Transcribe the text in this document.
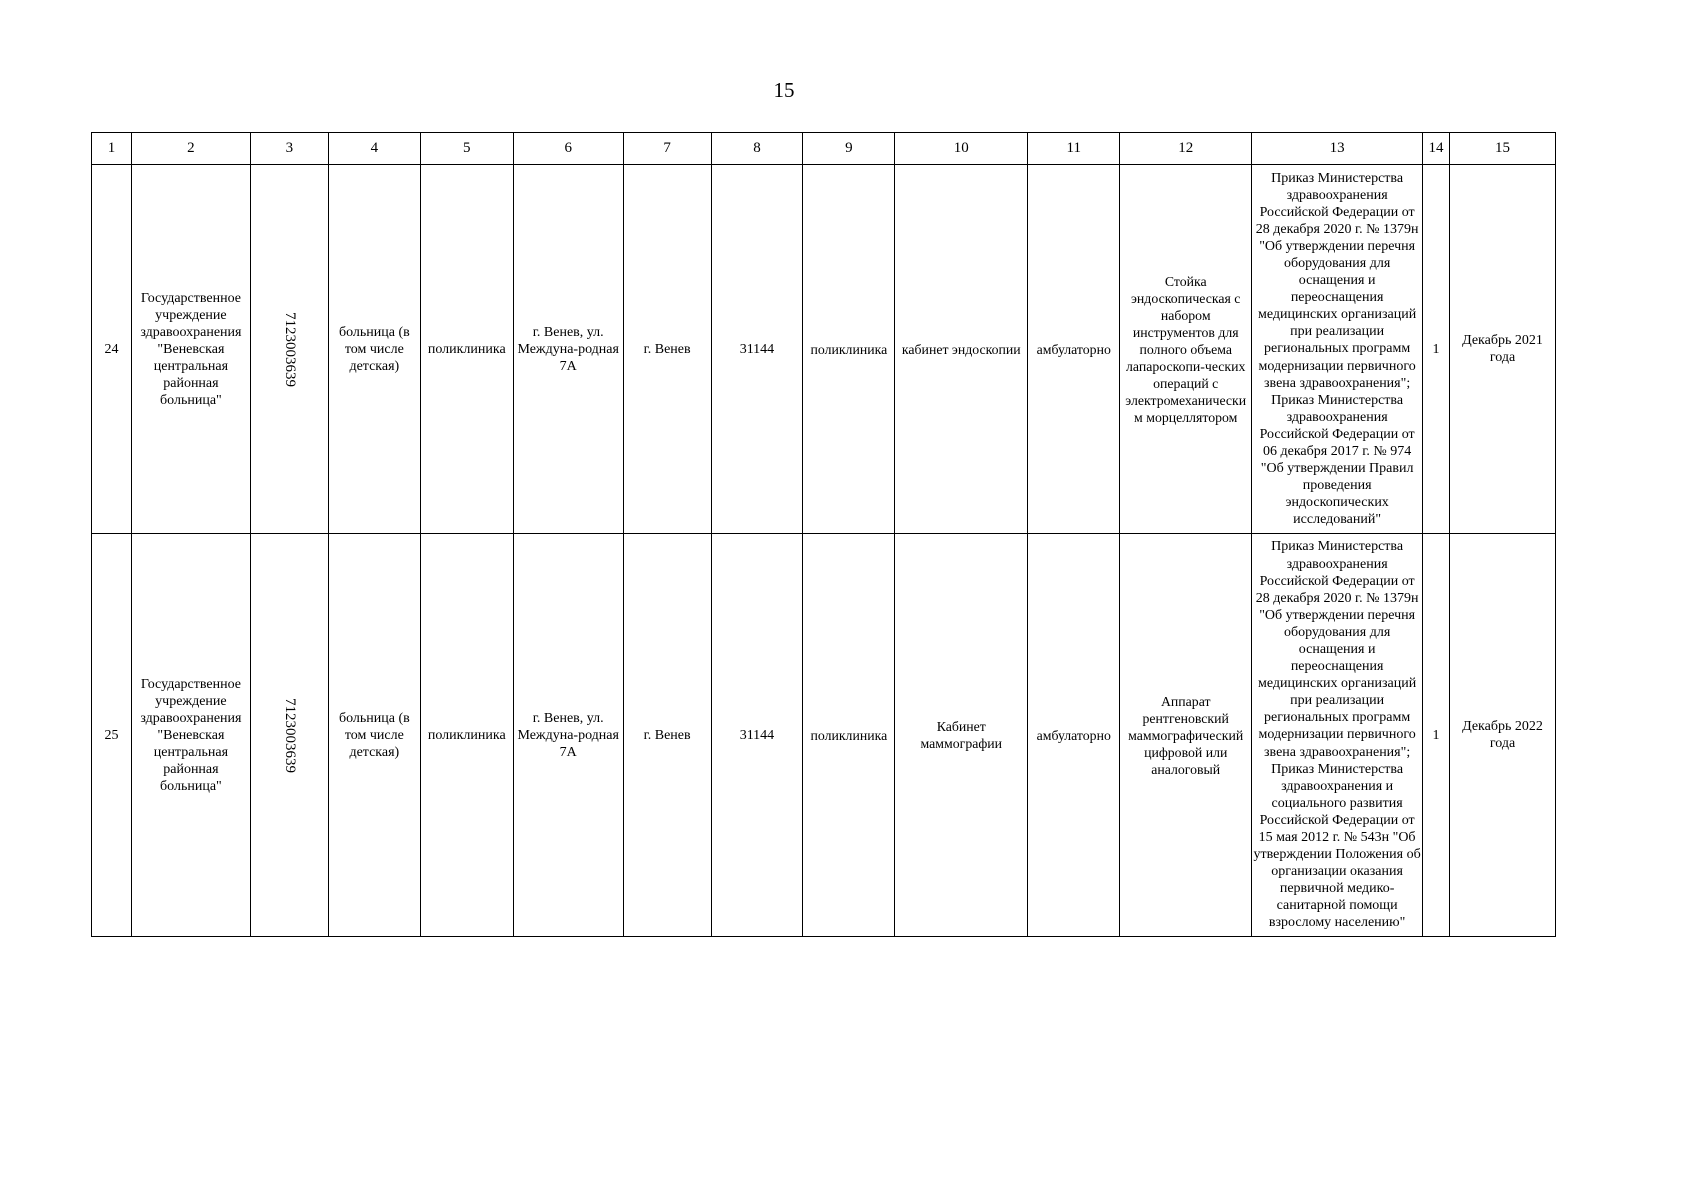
15
1	2	3	4	5	6	7	8	9	10	11	12	13	14	15
24	Государственное учреждение здравоохранения "Веневская центральная районная больница"	7123003639	больница (в том числе детская)	поликлиника	г. Венев, ул. Междуна-родная 7А	г. Венев	31144	поликлиника	кабинет эндоскопии	амбулаторно	Стойка эндоскопическая с набором инструментов для полного объема лапароскопи-ческих операций с электромеханически м морцеллятором	Приказ Министерства здравоохранения Российской Федерации от 28 декабря 2020 г. № 1379н "Об утверждении перечня оборудования для оснащения и переоснащения медицинских организаций при реализации региональных программ модернизации первичного звена здравоохранения"; Приказ Министерства здравоохранения Российской Федерации от 06 декабря 2017 г. № 974 "Об утверждении Правил проведения эндоскопических исследований"	1	Декабрь 2021 года
25	Государственное учреждение здравоохранения "Веневская центральная районная больница"	7123003639	больница (в том числе детская)	поликлиника	г. Венев, ул. Междуна-родная 7А	г. Венев	31144	поликлиника	Кабинет маммографии	амбулаторно	Аппарат рентгеновский маммографический цифровой или аналоговый	Приказ Министерства здравоохранения Российской Федерации от 28 декабря 2020 г. № 1379н "Об утверждении перечня оборудования для оснащения и переоснащения медицинских организаций при реализации региональных программ модернизации первичного звена здравоохранения"; Приказ Министерства здравоохранения и социального развития Российской Федерации от 15 мая 2012 г. № 543н "Об утверждении Положения об организации оказания первичной медико-санитарной помощи взрослому населению"	1	Декабрь 2022 года
